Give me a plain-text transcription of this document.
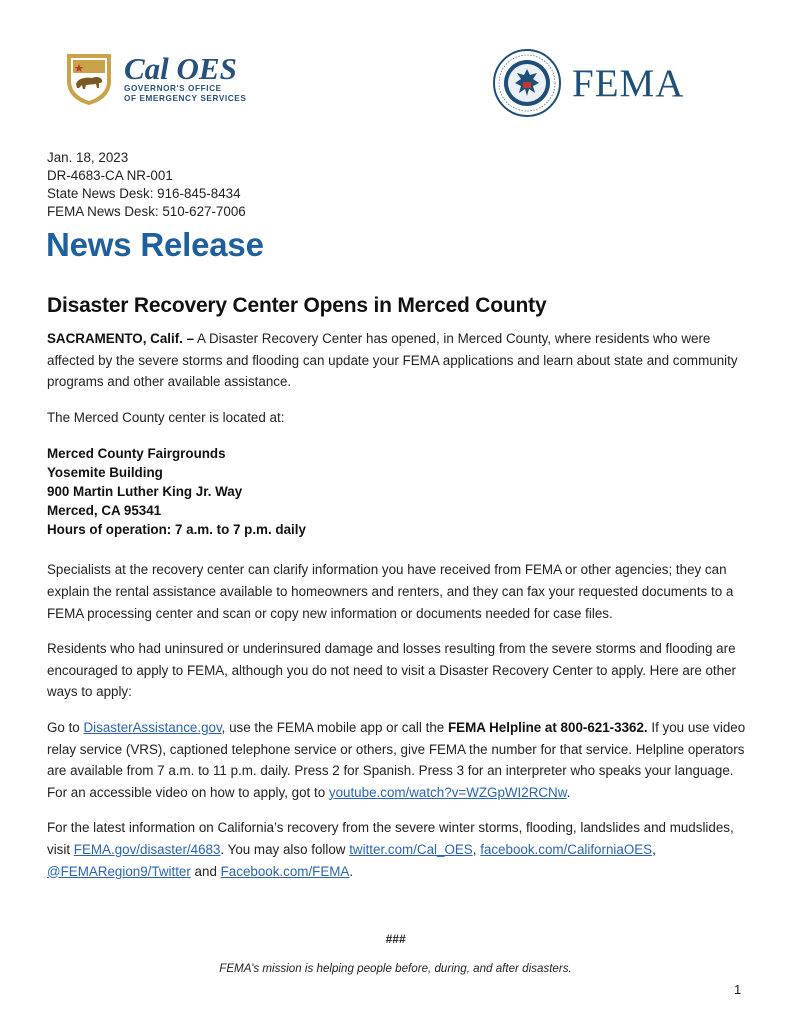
Cal OES
GOVERNOR'S OFFICE
OF EMERGENCY SERVICES	FEMA
Jan. 18, 2023
DR-4683-CA NR-001
State News Desk: 916-845-8434
FEMA News Desk: 510-627-7006
News Release
Disaster Recovery Center Opens in Merced County

SACRAMENTO, Calif. – A Disaster Recovery Center has opened, in Merced County, where residents who were affected by the severe storms and flooding can update your FEMA applications and learn about state and community programs and other available assistance.

The Merced County center is located at:

Merced County Fairgrounds
Yosemite Building
900 Martin Luther King Jr. Way
Merced, CA 95341
Hours of operation: 7 a.m. to 7 p.m. daily

Specialists at the recovery center can clarify information you have received from FEMA or other agencies; they can explain the rental assistance available to homeowners and renters, and they can fax your requested documents to a FEMA processing center and scan or copy new information or documents needed for case files.

Residents who had uninsured or underinsured damage and losses resulting from the severe storms and flooding are encouraged to apply to FEMA, although you do not need to visit a Disaster Recovery Center to apply. Here are other ways to apply:

Go to DisasterAssistance.gov, use the FEMA mobile app or call the FEMA Helpline at 800-621-3362. If you use video relay service (VRS), captioned telephone service or others, give FEMA the number for that service. Helpline operators are available from 7 a.m. to 11 p.m. daily. Press 2 for Spanish. Press 3 for an interpreter who speaks your language. For an accessible video on how to apply, got to youtube.com/watch?v=WZGpWI2RCNw.

For the latest information on California’s recovery from the severe winter storms, flooding, landslides and mudslides, visit FEMA.gov/disaster/4683. You may also follow twitter.com/Cal_OES, facebook.com/CaliforniaOES, @FEMARegion9/Twitter and Facebook.com/FEMA.

###
FEMA’s mission is helping people before, during, and after disasters.
1
